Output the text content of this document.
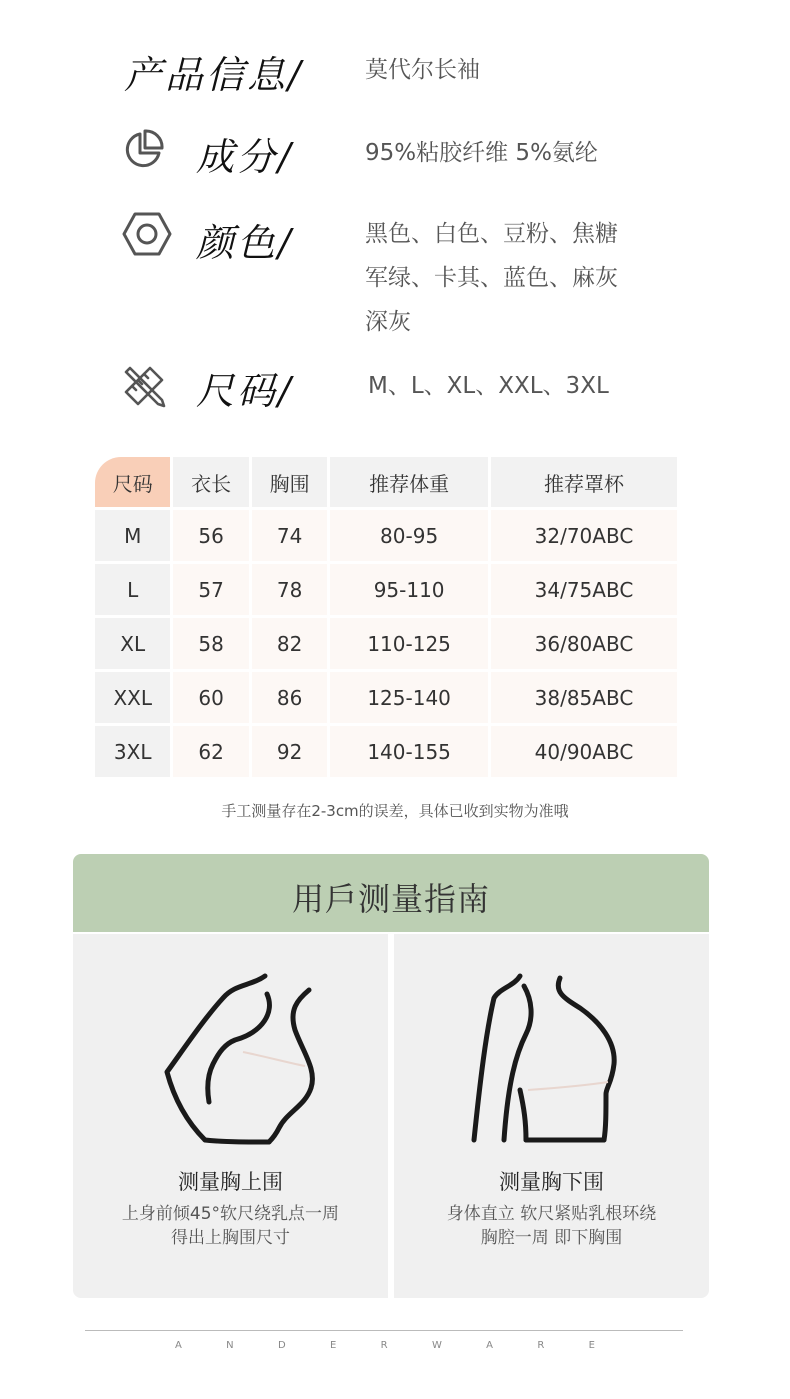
产品信息/	莫代尔长袖
成分/	95%粘胶纤维 5%氨纶
颜色/	黑色、白色、豆粉、焦糖
军绿、卡其、蓝色、麻灰
深灰
尺码/	M、L、XL、XXL、3XL
尺码	衣长	胸围	推荐体重	推荐罩杯
M	56	74	80-95	32/70ABC
L	57	78	95-110	34/75ABC
XL	58	82	110-125	36/80ABC
XXL	60	86	125-140	38/85ABC
3XL	62	92	140-155	40/90ABC
手工测量存在2-3cm的误差，具体已收到实物为准哦
用戶测量指南
测量胸上围
上身前倾45°软尺绕乳点一周
得出上胸围尺寸
测量胸下围
身体直立 软尺紧贴乳根环绕
胸腔一周 即下胸围
A	N	D	E	R	W	A	R	E
